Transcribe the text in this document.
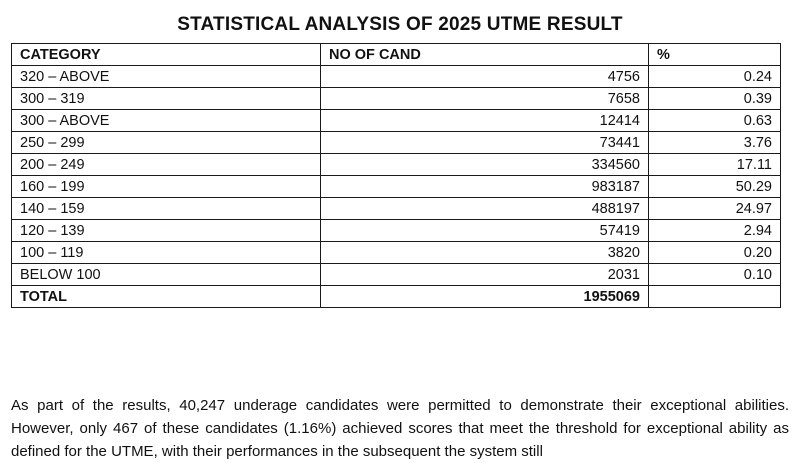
STATISTICAL ANALYSIS OF 2025 UTME RESULT
CATEGORY	NO OF CAND	%
320 – ABOVE	4756	0.24
300 – 319	7658	0.39
300 – ABOVE	12414	0.63
250 – 299	73441	3.76
200 – 249	334560	17.11
160 – 199	983187	50.29
140 – 159	488197	24.97
120 – 139	57419	2.94
100 – 119	3820	0.20
BELOW 100	2031	0.10
TOTAL	1955069	
As part of the results, 40,247 underage candidates were permitted to demonstrate their exceptional abilities. However, only 467 of these candidates (1.16%) achieved scores that meet the threshold for exceptional ability as defined for the UTME, with their performances in the subsequent the system still
